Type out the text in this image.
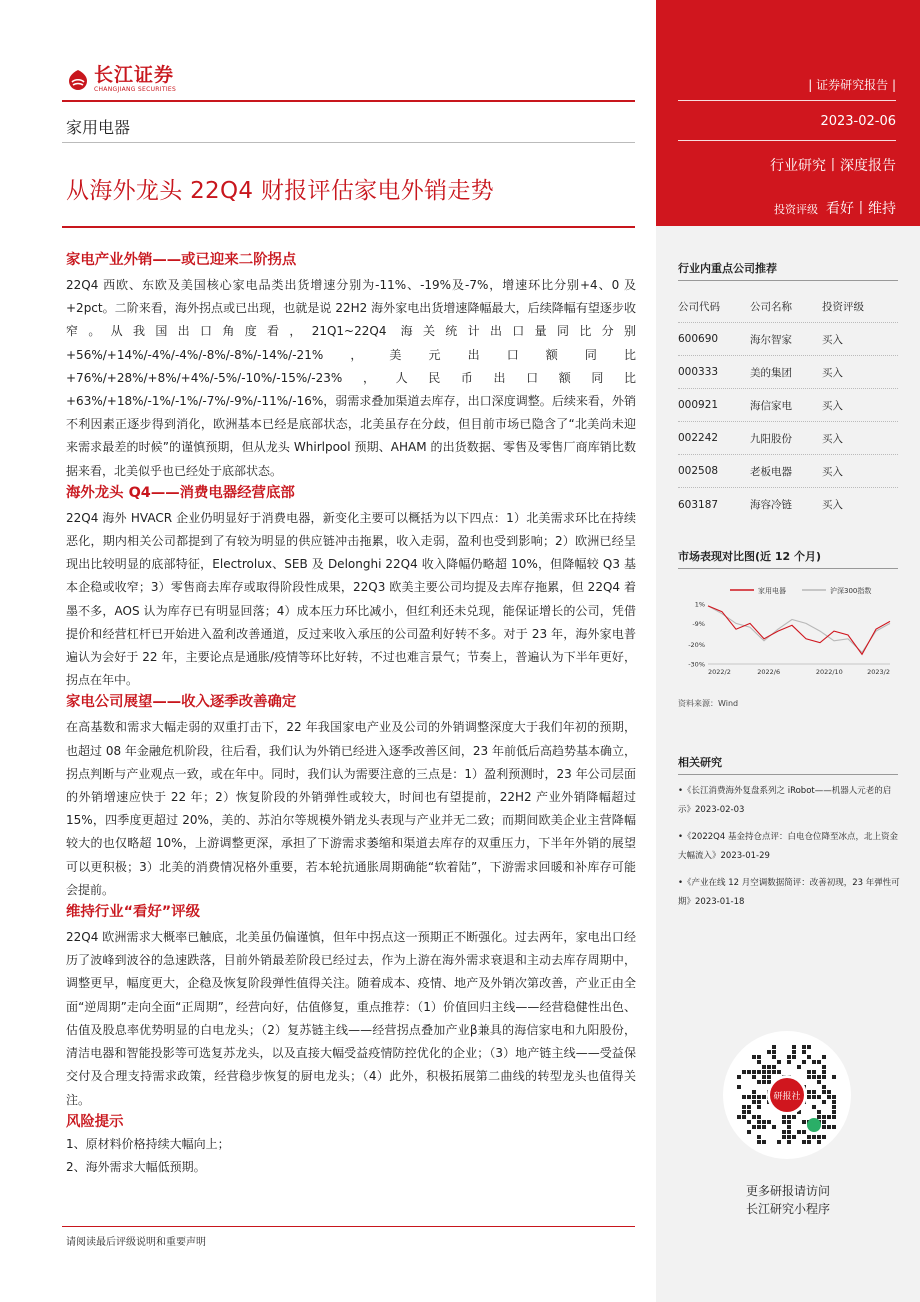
长江证券
CHANGJIANG SECURITIES
家用电器
从海外龙头 22Q4 财报评估家电外销走势
家电产业外销——或已迎来二阶拐点
22Q4 西欧、东欧及美国核心家电品类出货增速分别为-11%、-19%及-7%，增速环比分别+4、0 及+2pct。二阶来看，海外拐点或已出现，也就是说 22H2 海外家电出货增速降幅最大，后续降幅有望逐步收窄。从我国出口角度看，21Q1~22Q4 海关统计出口量同比分别+56%/+14%/-4%/-4%/-8%/-8%/-14%/-21%，美元出口额同比+76%/+28%/+8%/+4%/-5%/-10%/-15%/-23%，人民币出口额同比+63%/+18%/-1%/-1%/-7%/-9%/-11%/-16%，弱需求叠加渠道去库存，出口深度调整。后续来看，外销不利因素正逐步得到消化，欧洲基本已经是底部状态，北美虽存在分歧，但目前市场已隐含了“北美尚未迎来需求最差的时候”的谨慎预期，但从龙头 Whirlpool 预期、AHAM 的出货数据、零售及零售厂商库销比数据来看，北美似乎也已经处于底部状态。
海外龙头 Q4——消费电器经营底部
22Q4 海外 HVACR 企业仍明显好于消费电器，新变化主要可以概括为以下四点：1）北美需求环比在持续恶化，期内相关公司都提到了有较为明显的供应链冲击拖累，收入走弱，盈利也受到影响；2）欧洲已经呈现出比较明显的底部特征，Electrolux、SEB 及 Delonghi 22Q4 收入降幅仍略超 10%，但降幅较 Q3 基本企稳或收窄；3）零售商去库存或取得阶段性成果，22Q3 欧美主要公司均提及去库存拖累，但 22Q4 着墨不多，AOS 认为库存已有明显回落；4）成本压力环比减小，但红利还未兑现，能保证增长的公司，凭借提价和经营杠杆已开始进入盈利改善通道，反过来收入承压的公司盈利好转不多。对于 23 年，海外家电普遍认为会好于 22 年，主要论点是通胀/疫情等环比好转，不过也难言景气；节奏上，普遍认为下半年更好，拐点在年中。
家电公司展望——收入逐季改善确定
在高基数和需求大幅走弱的双重打击下，22 年我国家电产业及公司的外销调整深度大于我们年初的预期，也超过 08 年金融危机阶段，往后看，我们认为外销已经进入逐季改善区间，23 年前低后高趋势基本确立，拐点判断与产业观点一致，或在年中。同时，我们认为需要注意的三点是：1）盈利预测时，23 年公司层面的外销增速应快于 22 年；2）恢复阶段的外销弹性或较大，时间也有望提前，22H2 产业外销降幅超过 15%，四季度更超过 20%，美的、苏泊尔等规模外销龙头表现与产业并无二致；而期间欧美企业主营降幅较大的也仅略超 10%，上游调整更深，承担了下游需求萎缩和渠道去库存的双重压力，下半年外销的展望可以更积极；3）北美的消费情况格外重要，若本轮抗通胀周期确能“软着陆”，下游需求回暖和补库存可能会提前。
维持行业“看好”评级
22Q4 欧洲需求大概率已触底，北美虽仍偏谨慎，但年中拐点这一预期正不断强化。过去两年，家电出口经历了波峰到波谷的急速跌落，目前外销最差阶段已经过去，作为上游在海外需求衰退和主动去库存周期中，调整更早，幅度更大，企稳及恢复阶段弹性值得关注。随着成本、疫情、地产及外销次第改善，产业正由全面“逆周期”走向全面“正周期”，经营向好，估值修复，重点推荐：（1）价值回归主线——经营稳健性出色、估值及股息率优势明显的白电龙头；（2）复苏链主线——经营拐点叠加产业β兼具的海信家电和九阳股份，清洁电器和智能投影等可选复苏龙头，以及直接大幅受益疫情防控优化的企业；（3）地产链主线——受益保交付及合理支持需求政策，经营稳步恢复的厨电龙头；（4）此外，积极拓展第二曲线的转型龙头也值得关注。
风险提示
1、原材料价格持续大幅向上；
2、海外需求大幅低预期。
请阅读最后评级说明和重要声明
| 证券研究报告 |
2023-02-06
行业研究丨深度报告
投资评级 看好丨维持
行业内重点公司推荐
公司代码	公司名称	投资评级
600690	海尔智家	买入
000333	美的集团	买入
000921	海信家电	买入
002242	九阳股份	买入
002508	老板电器	买入
603187	海容冷链	买入
市场表现对比图(近 12 个月)
家用电器	沪深300指数
1%
-9%
-20%
-30%
2022/2	2022/6	2022/10	2023/2
资料来源：Wind
相关研究
•《长江消费海外复盘系列之 iRobot——机器人元老的启示》2023-02-03
•《2022Q4 基金持仓点评：白电仓位降至冰点，北上资金大幅流入》2023-01-29
•《产业在线 12 月空调数据简评：改善初现，23 年弹性可期》2023-01-18
研报社
更多研报请访问
长江研究小程序
